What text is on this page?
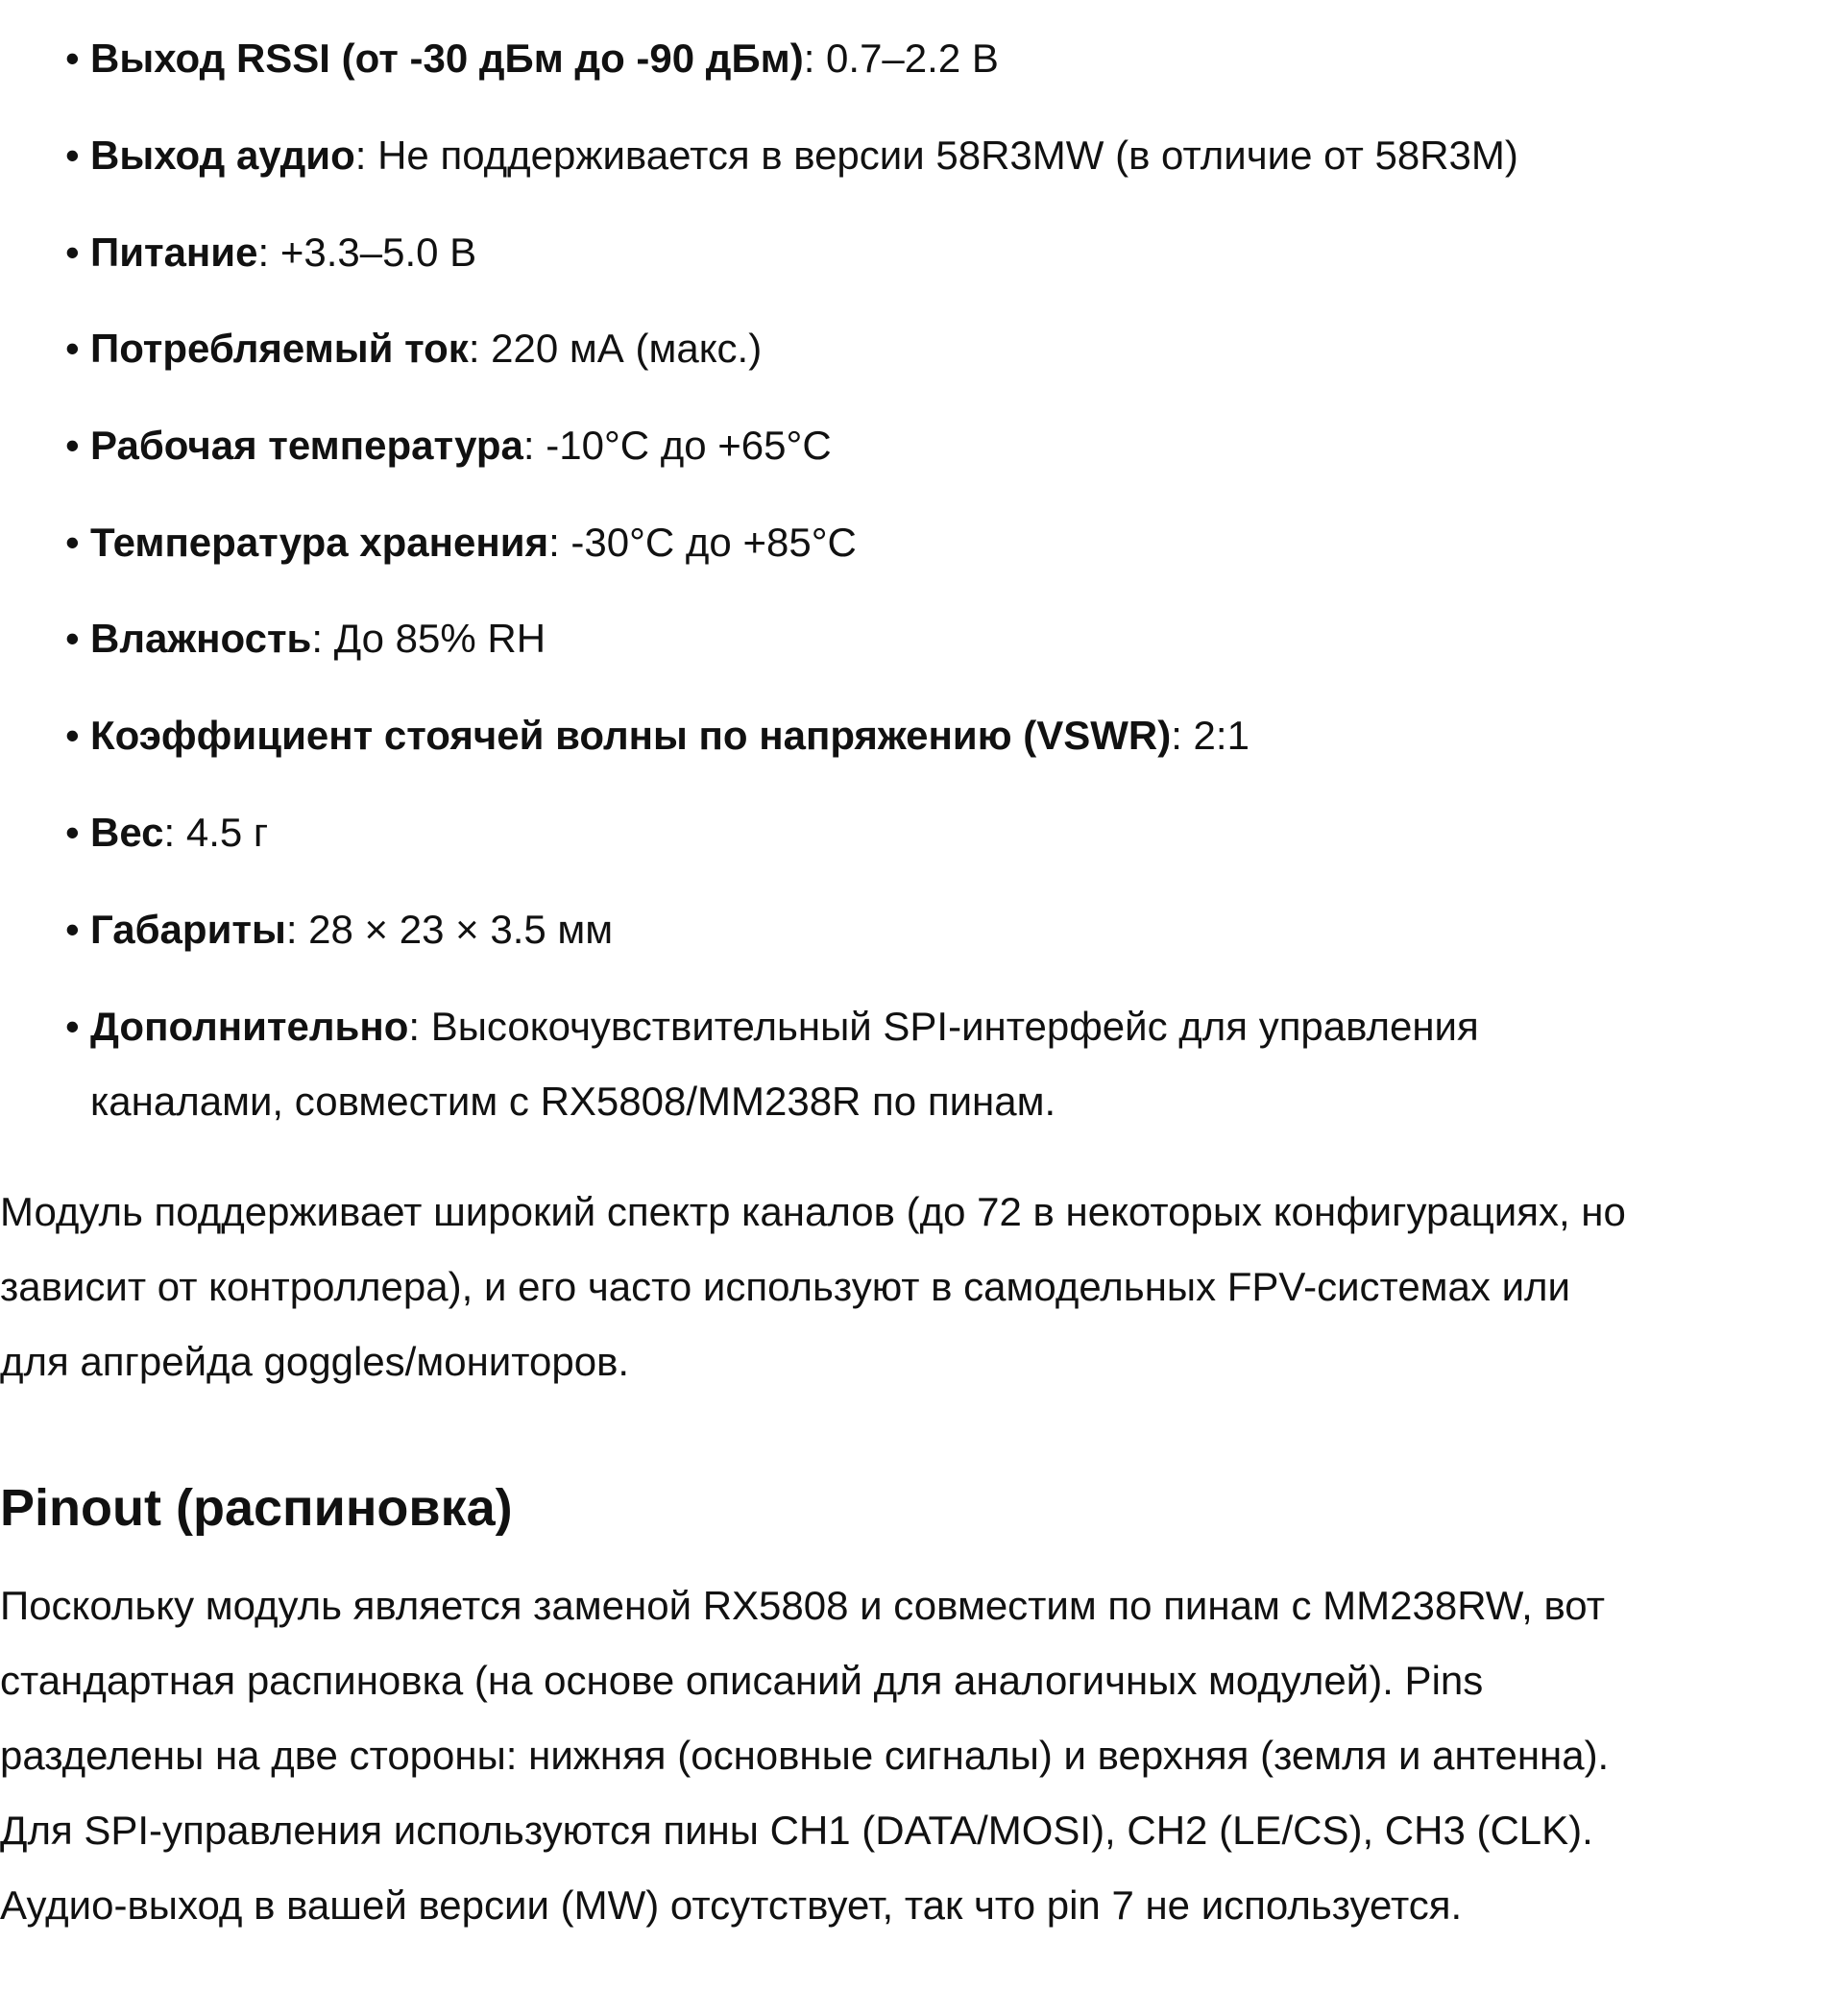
• Выход RSSI (от -30 дБм до -90 дБм): 0.7–2.2 В
• Выход аудио: Не поддерживается в версии 58R3MW (в отличие от 58R3M)
• Питание: +3.3–5.0 В
• Потребляемый ток: 220 мА (макс.)
• Рабочая температура: -10°C до +65°C
• Температура хранения: -30°C до +85°C
• Влажность: До 85% RH
• Коэффициент стоячей волны по напряжению (VSWR): 2:1
• Вес: 4.5 г
• Габариты: 28 × 23 × 3.5 мм
• Дополнительно: Высокочувствительный SPI-интерфейс для управления
каналами, совместим с RX5808/MM238R по пинам.

Модуль поддерживает широкий спектр каналов (до 72 в некоторых конфигурациях, но
зависит от контроллера), и его часто используют в самодельных FPV-системах или
для апгрейда goggles/мониторов.

Pinout (распиновка)

Поскольку модуль является заменой RX5808 и совместим по пинам с MM238RW, вот
стандартная распиновка (на основе описаний для аналогичных модулей). Pins
разделены на две стороны: нижняя (основные сигналы) и верхняя (земля и антенна).
Для SPI-управления используются пины CH1 (DATA/MOSI), CH2 (LE/CS), CH3 (CLK).
Аудио-выход в вашей версии (MW) отсутствует, так что pin 7 не используется.
